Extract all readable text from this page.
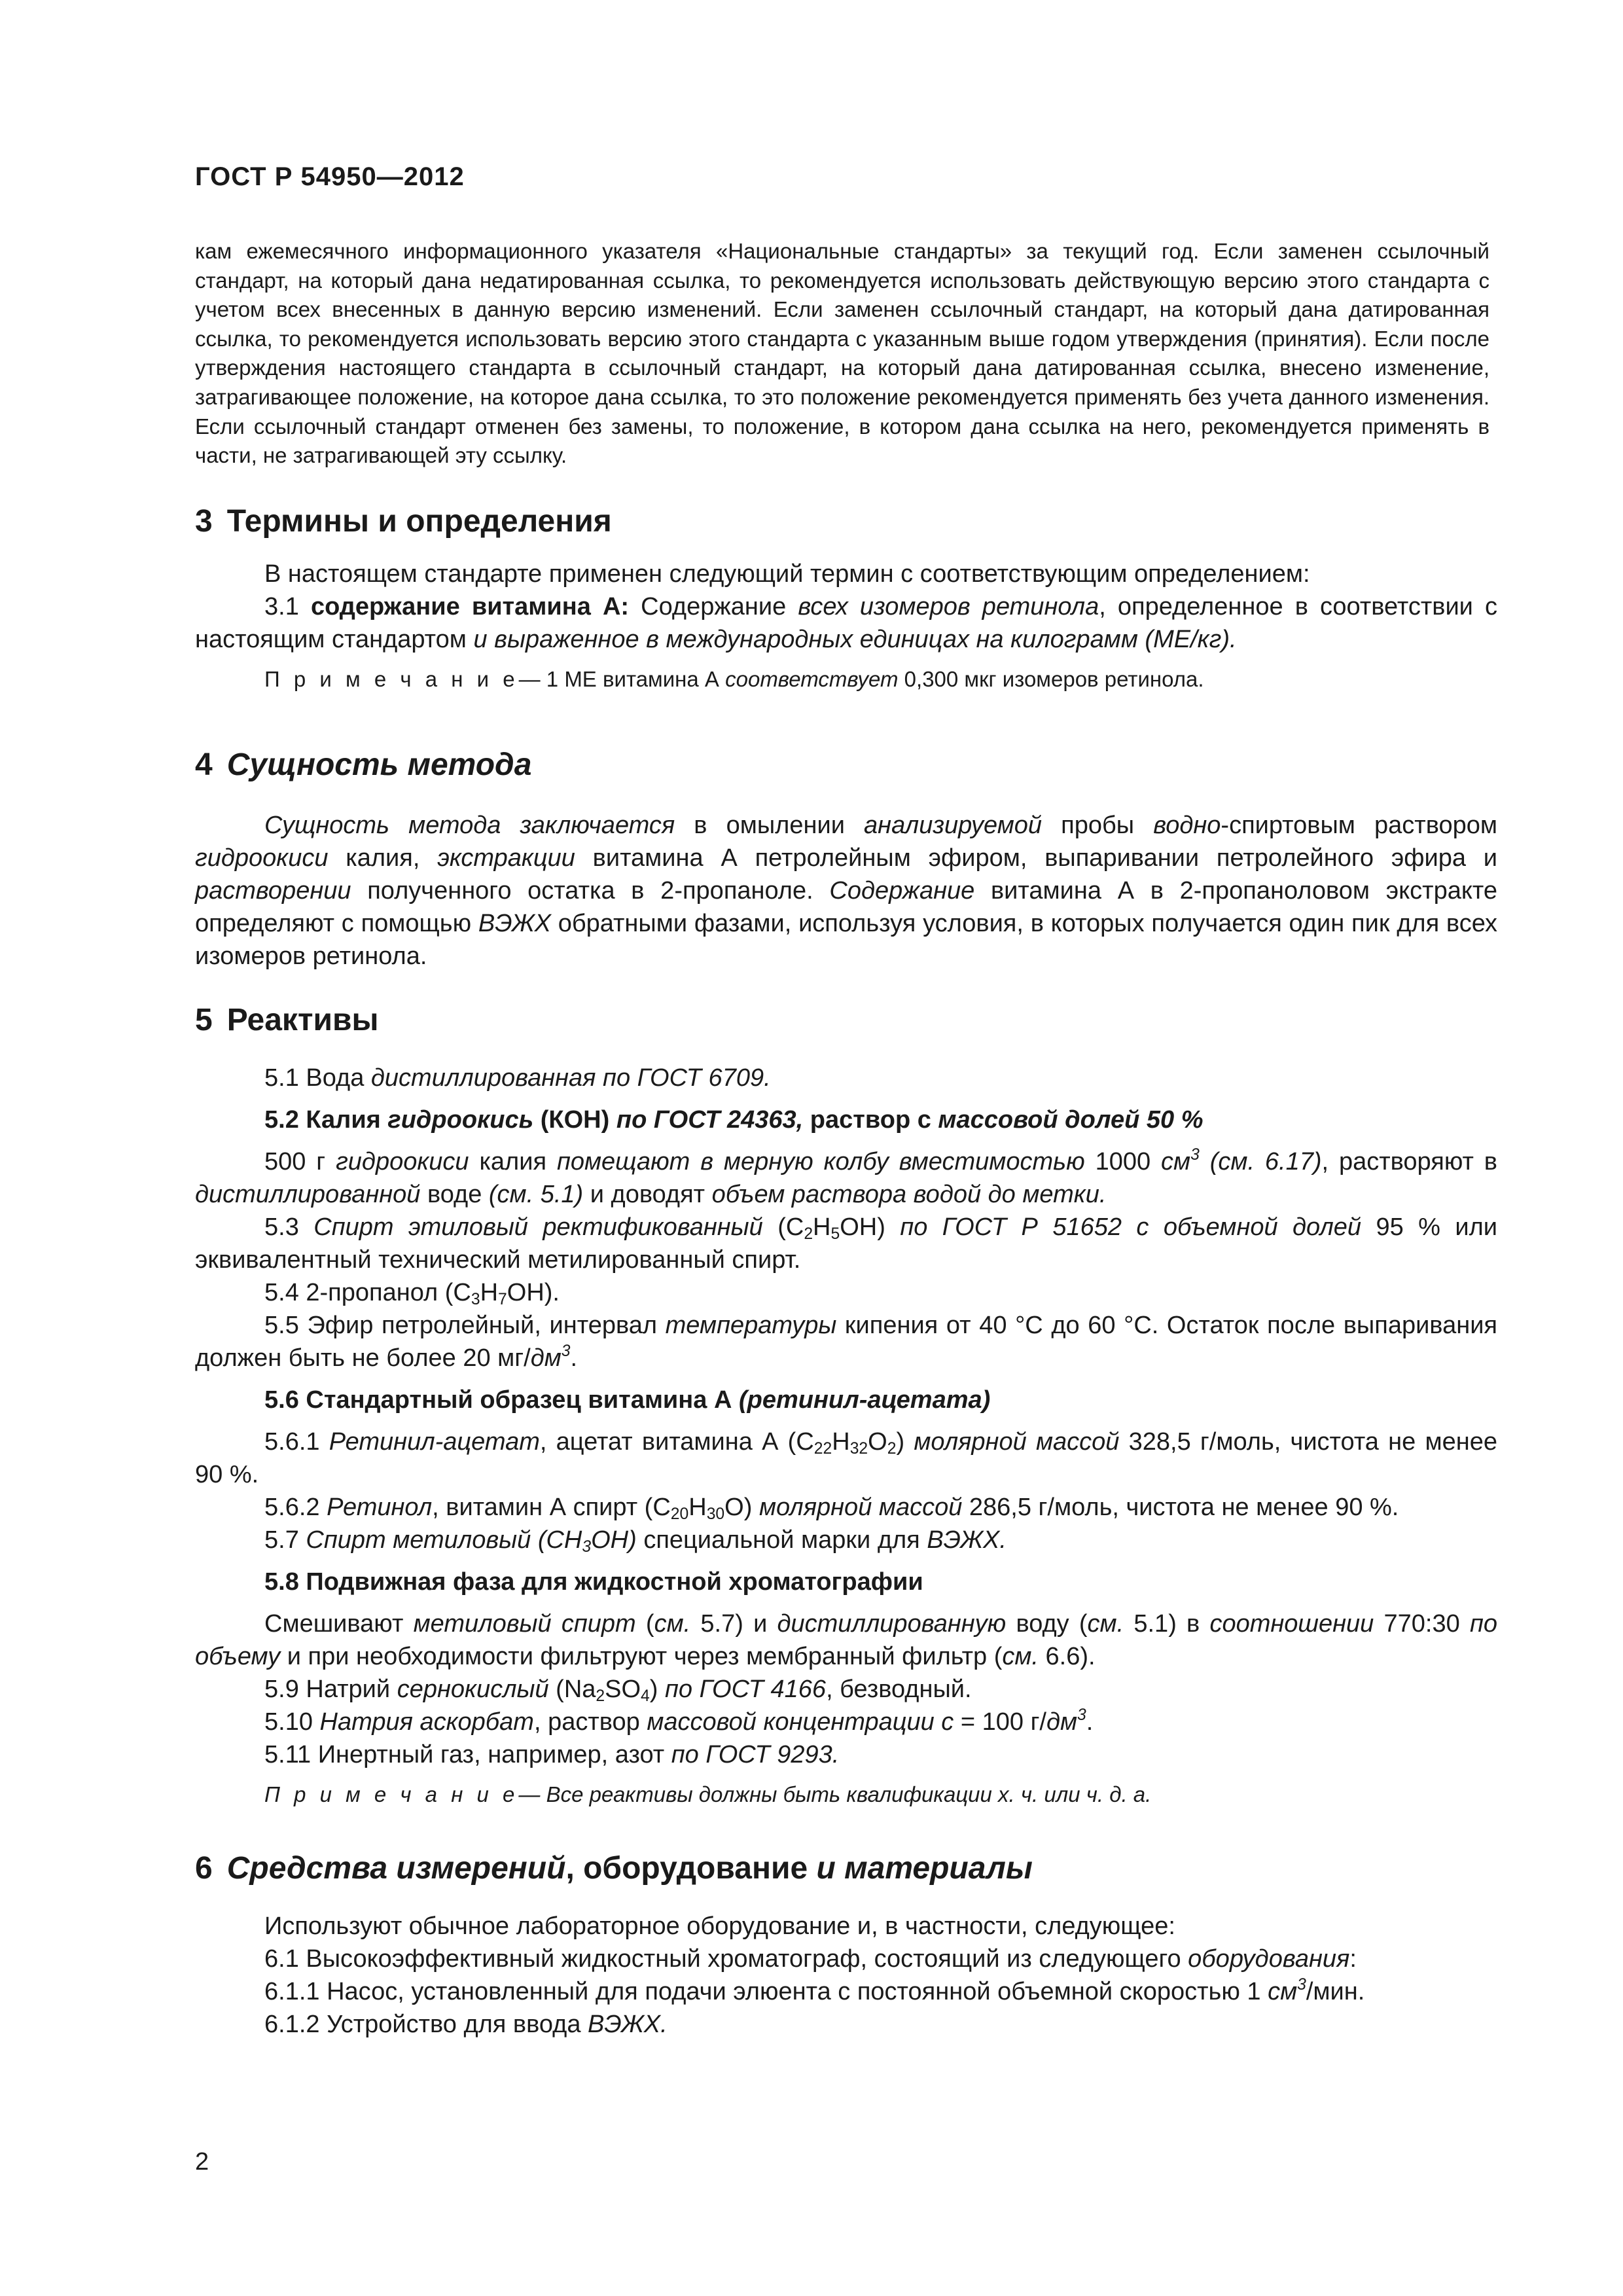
ГОСТ Р 54950—2012
кам ежемесячного информационного указателя «Национальные стандарты» за текущий год. Если заменен ссылочный стандарт, на который дана недатированная ссылка, то рекомендуется использовать действующую версию этого стандарта с учетом всех внесенных в данную версию изменений. Если заменен ссылочный стандарт, на который дана датированная ссылка, то рекомендуется использовать версию этого стандарта с указанным выше годом утверждения (принятия). Если после утверждения настоящего стандарта в ссылочный стандарт, на который дана датированная ссылка, внесено изменение, затрагивающее положение, на которое дана ссылка, то это положение рекомендуется применять без учета данного изменения. Если ссылочный стандарт отменен без замены, то положение, в котором дана ссылка на него, рекомендуется применять в части, не затрагивающей эту ссылку.

3 Термины и определения

В настоящем стандарте применен следующий термин с соответствующим определением:

3.1 содержание витамина А: Содержание всех изомеров ретинола, определенное в соответствии с настоящим стандартом и выраженное в международных единицах на килограмм (МЕ/кг).

П р и м е ч а н и е— 1 МЕ витамина А соответствует 0,300 мкг изомеров ретинола.

4 Сущность метода

Сущность метода заключается в омылении анализируемой пробы водно-спиртовым раствором гидроокиси калия, экстракции витамина А петролейным эфиром, выпаривании петролейного эфира и растворении полученного остатка в 2-пропаноле. Содержание витамина А в 2-пропаноловом экстракте определяют с помощью ВЭЖХ обратными фазами, используя условия, в которых получается один пик для всех изомеров ретинола.

5 Реактивы

5.1 Вода дистиллированная по ГОСТ 6709.

5.2 Калия гидроокись (КОН) по ГОСТ 24363, раствор с массовой долей 50 %

500 г гидроокиси калия помещают в мерную колбу вместимостью 1000 $см^3$ (см. 6.17), растворяют в дистиллированной воде (см. 5.1) и доводят объем раствора водой до метки.

5.3 Спирт этиловый ректификованный $(C_2H_5OH)$ по ГОСТ Р 51652 с объемной долей 95 % или эквивалентный технический метилированный спирт.

5.4 2-пропанол $(C_3H_7OH)$.

5.5 Эфир петролейный, интервал температуры кипения от 40 °C до 60 °C. Остаток после выпаривания должен быть не более 20 $мг/дм^3$.

5.6 Стандартный образец витамина А (ретинил-ацетата)

5.6.1 Ретинил-ацетат, ацетат витамина А $(C_{22}H_{32}O_2)$ молярной массой 328,5 г/моль, чистота не менее 90 %.

5.6.2 Ретинол, витамин А спирт $(C_{20}H_{30}O)$ молярной массой 286,5 г/моль, чистота не менее 90 %.

5.7 Спирт метиловый $(CH_3OH)$ специальной марки для ВЭЖХ.

5.8 Подвижная фаза для жидкостной хроматографии

Смешивают метиловый спирт (см. 5.7) и дистиллированную воду (см. 5.1) в соотношении 770:30 по объему и при необходимости фильтруют через мембранный фильтр (см. 6.6).

5.9 Натрий сернокислый $(Na_2SO_4)$ по ГОСТ 4166, безводный.

5.10 Натрия аскорбат, раствор массовой концентрации с = 100 $г/дм^3$.

5.11 Инертный газ, например, азот по ГОСТ 9293.

П р и м е ч а н и е— Все реактивы должны быть квалификации х. ч. или ч. д. а.

6 Средства измерений, оборудование и материалы

Используют обычное лабораторное оборудование и, в частности, следующее:

6.1 Высокоэффективный жидкостный хроматограф, состоящий из следующего оборудования:

6.1.1 Насос, установленный для подачи элюента с постоянной объемной скоростью 1 $см^3$/мин.

6.1.2 Устройство для ввода ВЭЖХ.

2
